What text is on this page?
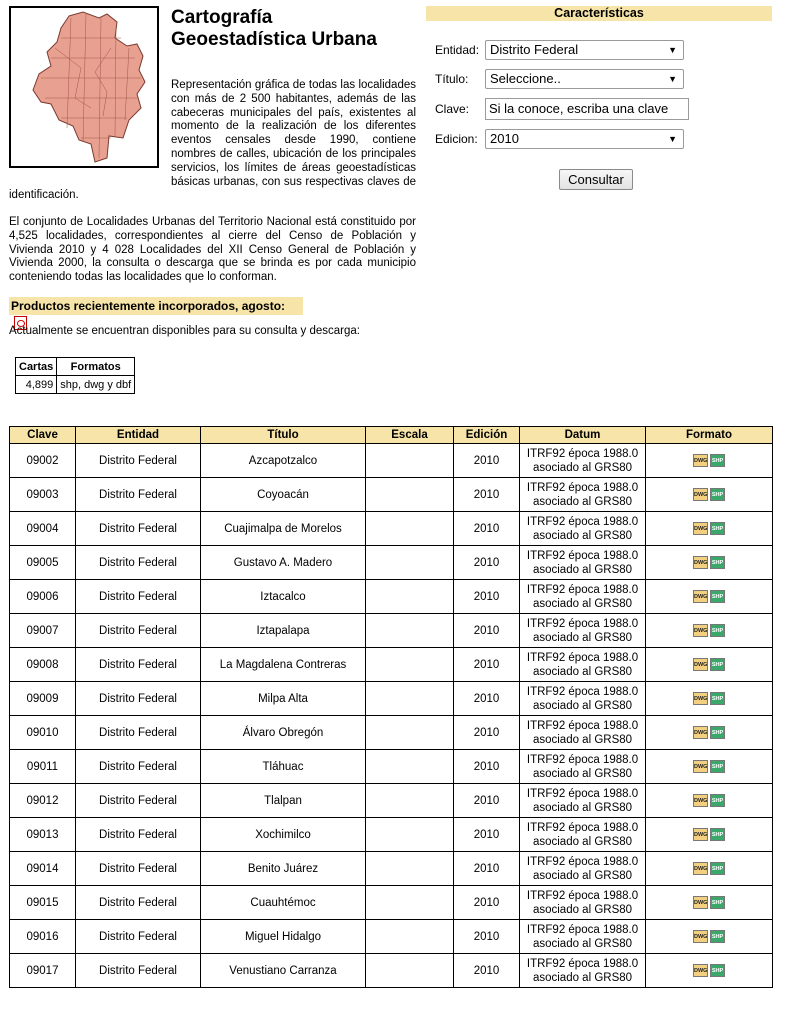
Cartografía
Geoestadística Urbana

Representación gráfica de todas las localidades con más de 2 500 habitantes, además de las cabeceras municipales del país, existentes al momento de la realización de los diferentes eventos censales desde 1990, contiene nombres de calles, ubicación de los principales servicios, los límites de áreas geoestadísticas básicas urbanas, con sus respectivas claves de identificación.

El conjunto de Localidades Urbanas del Territorio Nacional está constituido por 4,525 localidades, correspondientes al cierre del Censo de Población y Vivienda 2010 y 4 028 Localidades del XII Censo General de Población y Vivienda 2000, la consulta o descarga que se brinda es por cada municipio conteniendo todas las localidades que lo conforman.

Productos recientemente incorporados, agosto:

Actualmente se encuentran disponibles para su consulta y descarga:

Cartas	Formatos
4,899	shp, dwg y dbf
Características
Entidad: Distrito Federal	▼
Título:	Seleccione..	▼
Clave:	Si la conoce, escriba una clave
Edicion: 2010	▼
Consultar
Clave	Entidad	Título	Escala	Edición	Datum	Formato
09002	Distrito Federal	Azcapotzalco		2010	ITRF92 época 1988.0
asociado al GRS80	DWG SHP
09003	Distrito Federal	Coyoacán		2010	ITRF92 época 1988.0
asociado al GRS80	DWG SHP
09004	Distrito Federal	Cuajimalpa de Morelos		2010	ITRF92 época 1988.0
asociado al GRS80	DWG SHP
09005	Distrito Federal	Gustavo A. Madero		2010	ITRF92 época 1988.0
asociado al GRS80	DWG SHP
09006	Distrito Federal	Iztacalco		2010	ITRF92 época 1988.0
asociado al GRS80	DWG SHP
09007	Distrito Federal	Iztapalapa		2010	ITRF92 época 1988.0
asociado al GRS80	DWG SHP
09008	Distrito Federal	La Magdalena Contreras		2010	ITRF92 época 1988.0
asociado al GRS80	DWG SHP
09009	Distrito Federal	Milpa Alta		2010	ITRF92 época 1988.0
asociado al GRS80	DWG SHP
09010	Distrito Federal	Álvaro Obregón		2010	ITRF92 época 1988.0
asociado al GRS80	DWG SHP
09011	Distrito Federal	Tláhuac		2010	ITRF92 época 1988.0
asociado al GRS80	DWG SHP
09012	Distrito Federal	Tlalpan		2010	ITRF92 época 1988.0
asociado al GRS80	DWG SHP
09013	Distrito Federal	Xochimilco		2010	ITRF92 época 1988.0
asociado al GRS80	DWG SHP
09014	Distrito Federal	Benito Juárez		2010	ITRF92 época 1988.0
asociado al GRS80	DWG SHP
09015	Distrito Federal	Cuauhtémoc		2010	ITRF92 época 1988.0
asociado al GRS80	DWG SHP
09016	Distrito Federal	Miguel Hidalgo		2010	ITRF92 época 1988.0
asociado al GRS80	DWG SHP
09017	Distrito Federal	Venustiano Carranza		2010	ITRF92 época 1988.0
asociado al GRS80	DWG SHP
